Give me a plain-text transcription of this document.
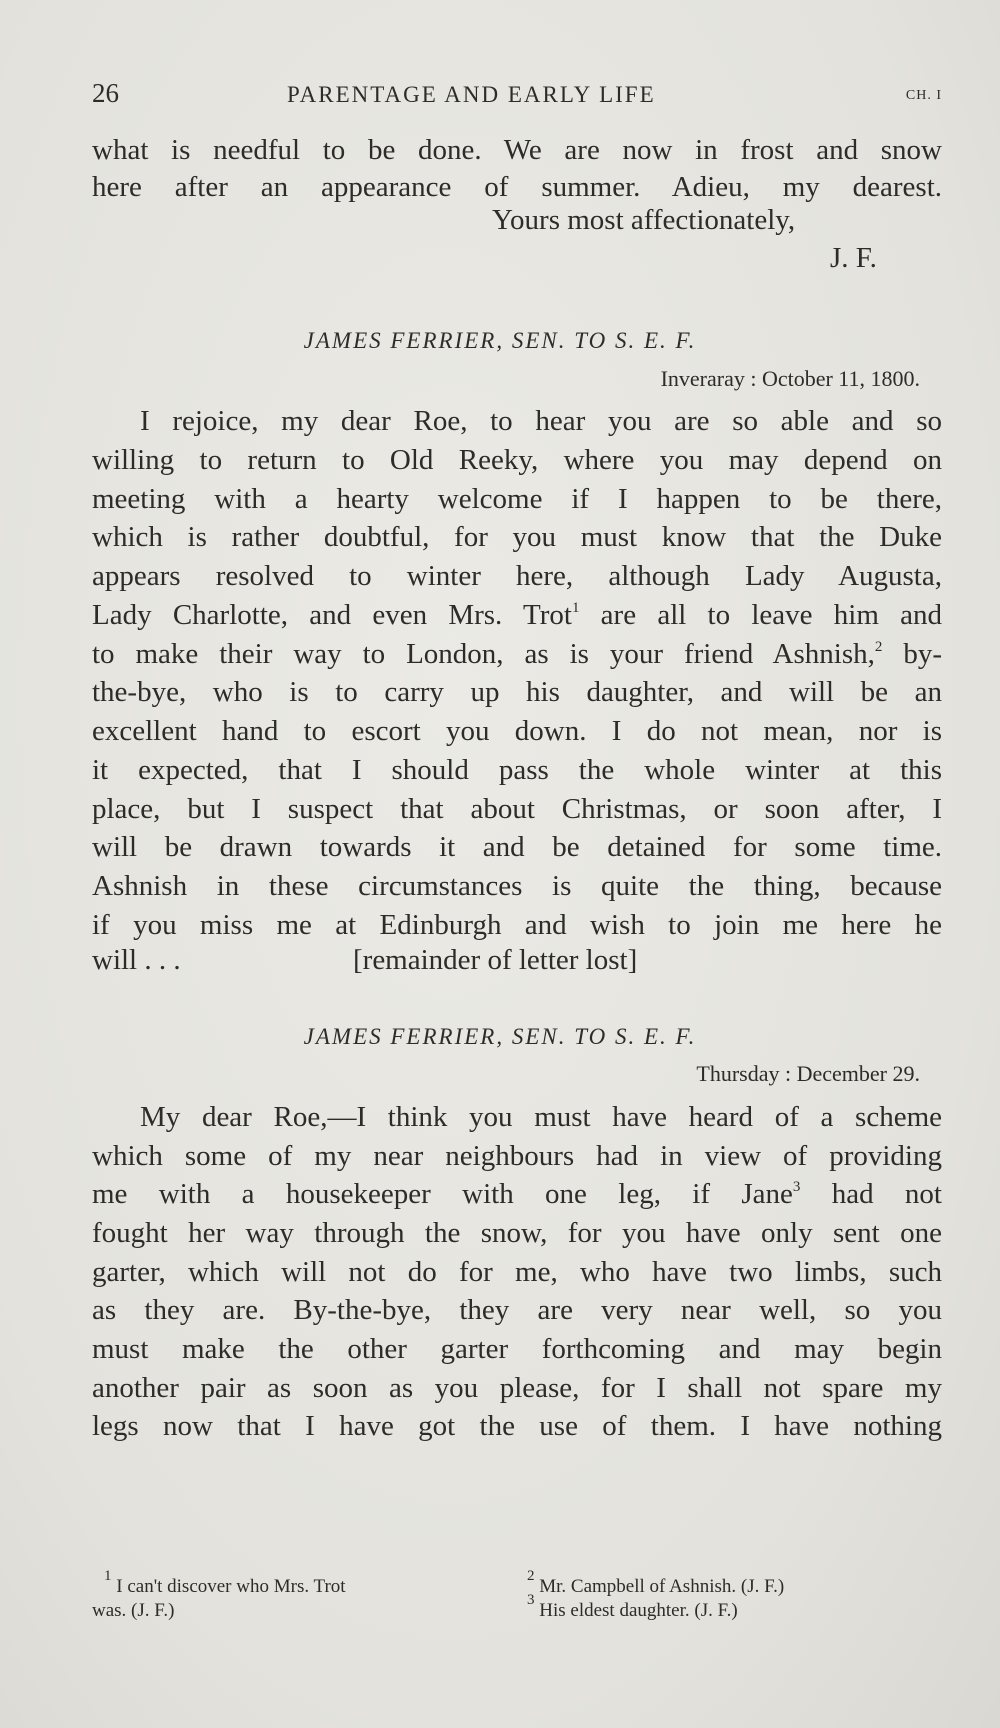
26	PARENTAGE AND EARLY LIFE	CH. I
what is needful to be done. We are now in frost and snow
here after an appearance of summer. Adieu, my dearest.
Yours most affectionately,
J. F.
JAMES FERRIER, SEN. TO S. E. F.
Inveraray : October 11, 1800.
I rejoice, my dear Roe, to hear you are so able and so
willing to return to Old Reeky, where you may depend on
meeting with a hearty welcome if I happen to be there,
which is rather doubtful, for you must know that the Duke
appears resolved to winter here, although Lady Augusta,
Lady Charlotte, and even Mrs. Trot$^1$ are all to leave him and
to make their way to London, as is your friend Ashnish,$^2$ by-
the-bye, who is to carry up his daughter, and will be an
excellent hand to escort you down. I do not mean, nor is
it expected, that I should pass the whole winter at this
place, but I suspect that about Christmas, or soon after, I
will be drawn towards it and be detained for some time.
Ashnish in these circumstances is quite the thing, because
if you miss me at Edinburgh and wish to join me here he
will . . .	[remainder of letter lost]
JAMES FERRIER, SEN. TO S. E. F.
Thursday : December 29.
My dear Roe,—I think you must have heard of a scheme
which some of my near neighbours had in view of providing
me with a housekeeper with one leg, if Jane$^3$ had not
fought her way through the snow, for you have only sent one
garter, which will not do for me, who have two limbs, such
as they are. By-the-bye, they are very near well, so you
must make the other garter forthcoming and may begin
another pair as soon as you please, for I shall not spare my
legs now that I have got the use of them. I have nothing
$^1$ I can't discover who Mrs. Trot
was. (J. F.)
$^2$ Mr. Campbell of Ashnish. (J. F.)
$^3$ His eldest daughter. (J. F.)
